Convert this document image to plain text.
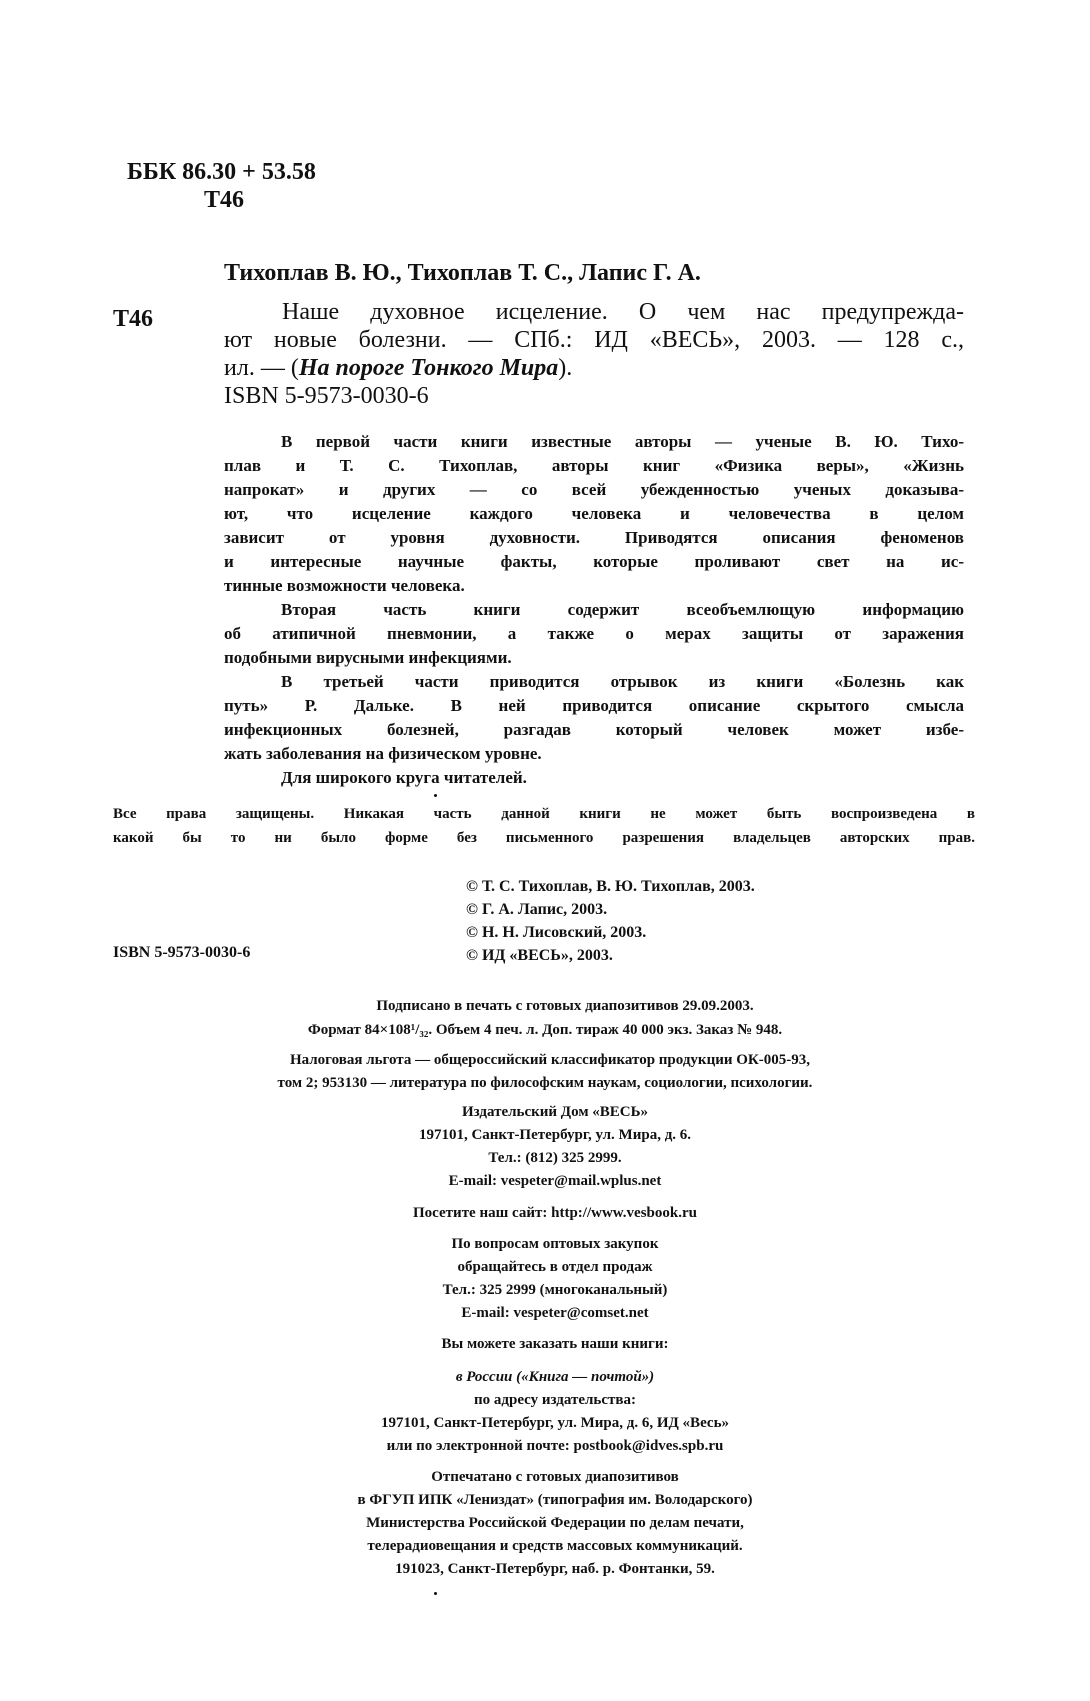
ББК 86.30 + 53.58
Т46
Тихоплав В. Ю., Тихоплав Т. С., Лапис Г. А.
Т46	Наше духовное исцеление. О чем нас предупрежда-
ют новые болезни. — СПб.: ИД «ВЕСЬ», 2003. — 128 с.,
ил. — (На пороге Тонкого Мира).
ISBN 5-9573-0030-6
В первой части книги известные авторы — ученые В. Ю. Тихо-
плав и Т. С. Тихоплав, авторы книг «Физика веры», «Жизнь
напрокат» и других — со всей убежденностью ученых доказыва-
ют, что исцеление каждого человека и человечества в целом
зависит от уровня духовности. Приводятся описания феноменов
и интересные научные факты, которые проливают свет на ис-
тинные возможности человека.
Вторая часть книги содержит всеобъемлющую информацию
об атипичной пневмонии, а также о мерах защиты от заражения
подобными вирусными инфекциями.
В третьей части приводится отрывок из книги «Болезнь как
путь» Р. Дальке. В ней приводится описание скрытого смысла
инфекционных болезней, разгадав который человек может избе-
жать заболевания на физическом уровне.
Для широкого круга читателей.
Все права защищены. Никакая часть данной книги не может быть воспроизведена в
какой бы то ни было форме без письменного разрешения владельцев авторских прав.
© Т. С. Тихоплав, В. Ю. Тихоплав, 2003.
© Г. А. Лапис, 2003.
© Н. Н. Лисовский, 2003.
© ИД «ВЕСЬ», 2003.
ISBN 5-9573-0030-6
Подписано в печать с готовых диапозитивов 29.09.2003.
Формат 84×108¹/₃₂. Объем 4 печ. л. Доп. тираж 40 000 экз. Заказ № 948.
Налоговая льгота — общероссийский классификатор продукции ОК-005-93,
том 2; 953130 — литература по философским наукам, социологии, психологии.
Издательский Дом «ВЕСЬ»
197101, Санкт-Петербург, ул. Мира, д. 6.
Тел.: (812) 325 2999.
E-mail: vespeter@mail.wplus.net
Посетите наш сайт: http://www.vesbook.ru
По вопросам оптовых закупок
обращайтесь в отдел продаж
Тел.: 325 2999 (многоканальный)
E-mail: vespeter@comset.net
Вы можете заказать наши книги:
в России («Книга — почтой»)
по адресу издательства:
197101, Санкт-Петербург, ул. Мира, д. 6, ИД «Весь»
или по электронной почте: postbook@idves.spb.ru
Отпечатано с готовых диапозитивов
в ФГУП ИПК «Лениздат» (типография им. Володарского)
Министерства Российской Федерации по делам печати,
телерадиовещания и средств массовых коммуникаций.
191023, Санкт-Петербург, наб. р. Фонтанки, 59.
